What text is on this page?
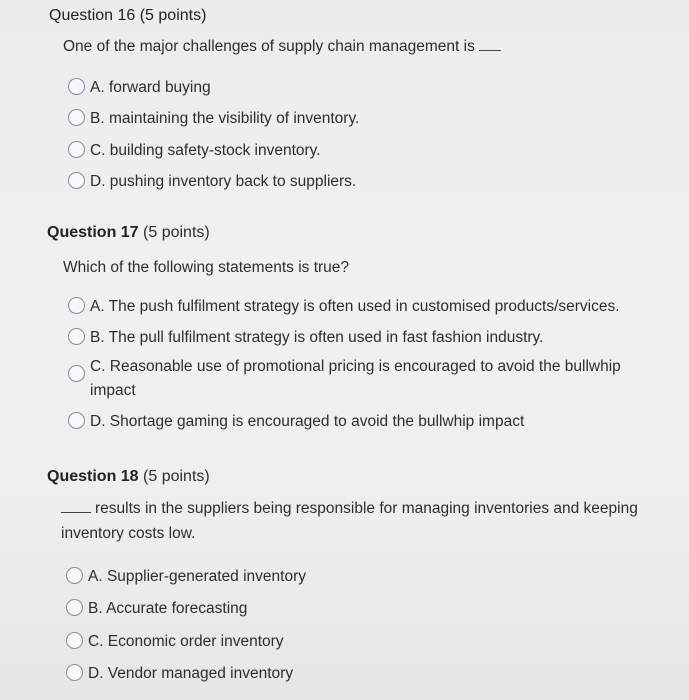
Question 16 (5 points)
One of the major challenges of supply chain management is
A. forward buying
B. maintaining the visibility of inventory.
C. building safety-stock inventory.
D. pushing inventory back to suppliers.
Question 17 (5 points)
Which of the following statements is true?
A. The push fulfilment strategy is often used in customised products/services.
B. The pull fulfilment strategy is often used in fast fashion industry.
C. Reasonable use of promotional pricing is encouraged to avoid the bullwhip impact
D. Shortage gaming is encouraged to avoid the bullwhip impact
Question 18 (5 points)
results in the suppliers being responsible for managing inventories and keeping inventory costs low.
A. Supplier-generated inventory
B. Accurate forecasting
C. Economic order inventory
D. Vendor managed inventory
